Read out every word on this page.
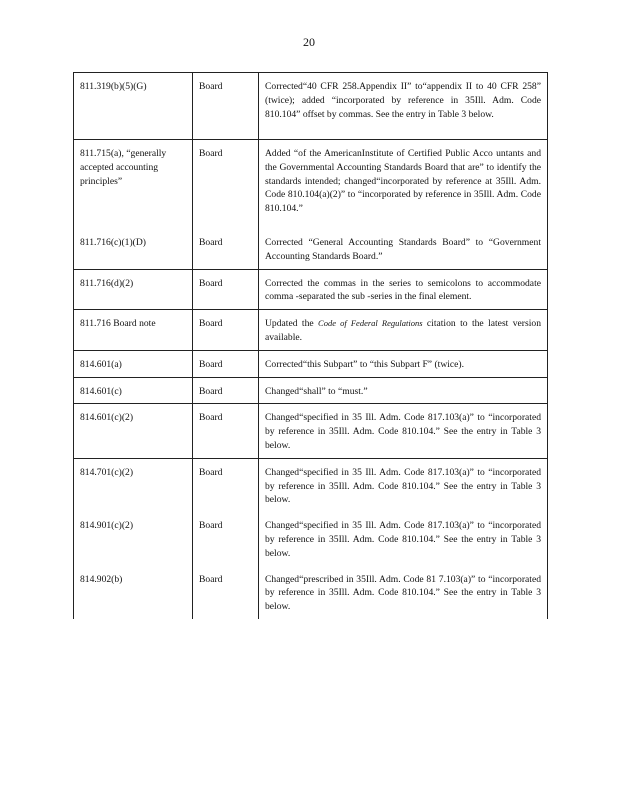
20
811.319(b)(5)(G)	Board	Corrected“40 CFR 258.Appendix II” to“appendix II to 40 CFR 258” (twice); added “incorporated by reference in 35Ill. Adm. Code 810.104” offset by commas. See the entry in Table 3 below.
811.715(a), “generally accepted accounting principles”	Board	Added “of the AmericanInstitute of Certified Public Acco untants and the Governmental Accounting Standards Board that are” to identify the standards intended; changed“incorporated by reference at 35Ill. Adm. Code 810.104(a)(2)” to “incorporated by reference in 35Ill. Adm. Code 810.104.”
811.716(c)(1)(D)	Board	Corrected “General Accounting Standards Board” to “Government Accounting Standards Board.”
811.716(d)(2)	Board	Corrected the commas in the series to semicolons to accommodate comma -separated the sub -series in the final element.
811.716 Board note	Board	Updated the Code of Federal Regulations citation to the latest version available.
814.601(a)	Board	Corrected“this Subpart” to “this Subpart F” (twice).
814.601(c)	Board	Changed“shall” to “must.”
814.601(c)(2)	Board	Changed“specified in 35 Ill. Adm. Code 817.103(a)” to “incorporated by reference in 35Ill. Adm. Code 810.104.” See the entry in Table 3 below.
814.701(c)(2)	Board	Changed“specified in 35 Ill. Adm. Code 817.103(a)” to “incorporated by reference in 35Ill. Adm. Code 810.104.” See the entry in Table 3 below.
814.901(c)(2)	Board	Changed“specified in 35 Ill. Adm. Code 817.103(a)” to “incorporated by reference in 35Ill. Adm. Code 810.104.” See the entry in Table 3 below.
814.902(b)	Board	Changed“prescribed in 35Ill. Adm. Code 81 7.103(a)” to “incorporated by reference in 35Ill. Adm. Code 810.104.” See the entry in Table 3 below.
